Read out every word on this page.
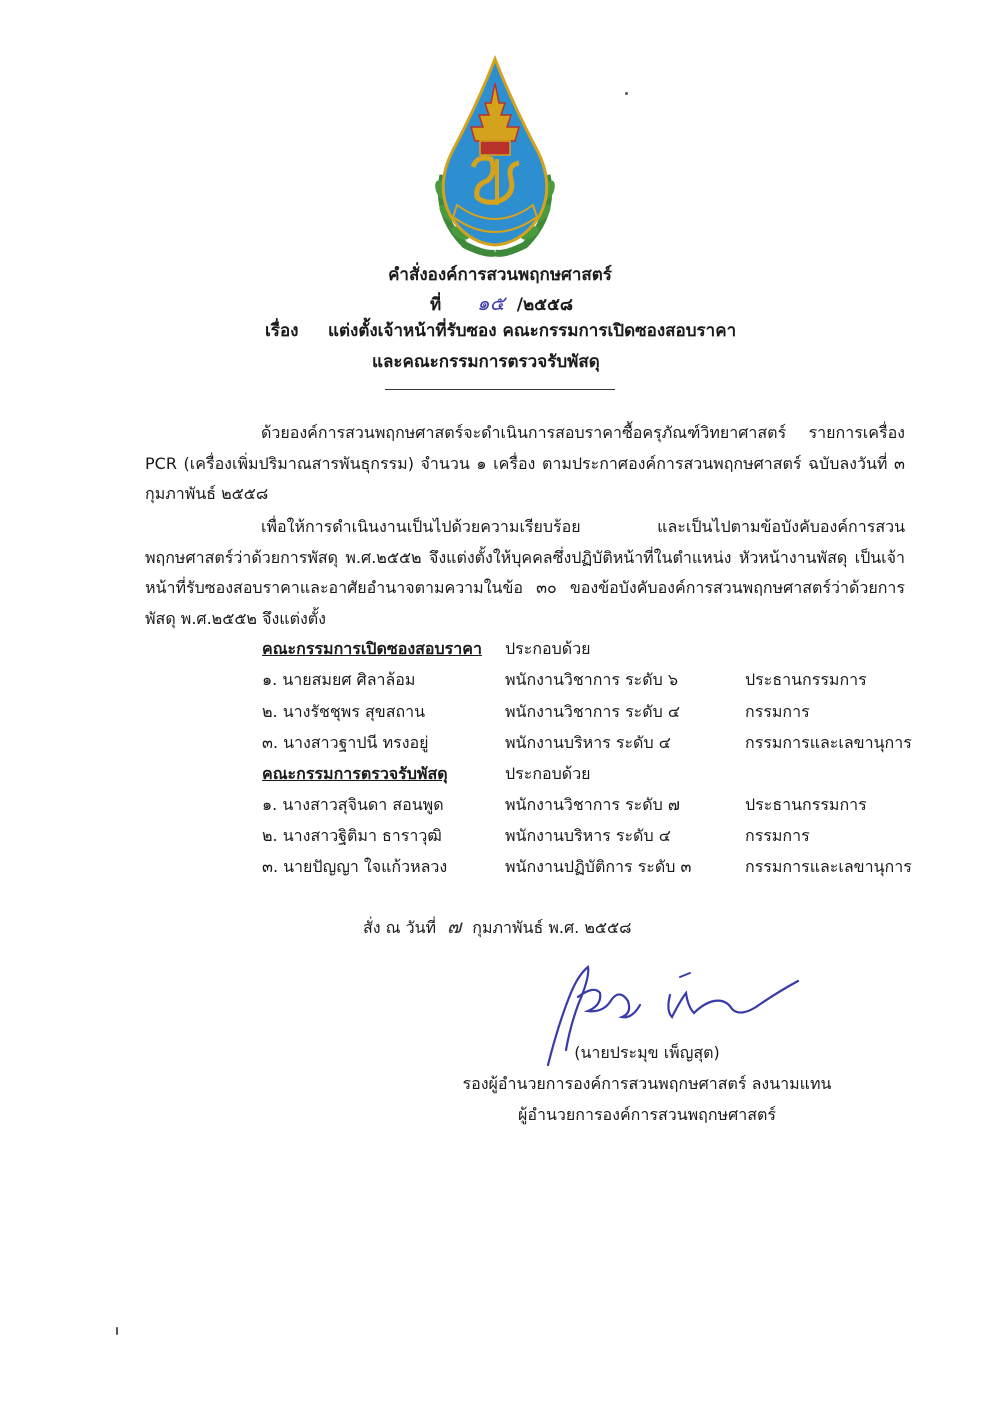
คำสั่งองค์การสวนพฤกษศาสตร์
ที่ ๑๕ /๒๕๕๘
เรื่อง แต่งตั้งเจ้าหน้าที่รับซอง คณะกรรมการเปิดซองสอบราคา
และคณะกรรมการตรวจรับพัสดุ
ด้วยองค์การสวนพฤกษศาสตร์จะดำเนินการสอบราคาซื้อครุภัณฑ์วิทยาศาสตร์ รายการเครื่อง PCR (เครื่องเพิ่มปริมาณสารพันธุกรรม) จำนวน ๑ เครื่อง ตามประกาศองค์การสวนพฤกษศาสตร์ ฉบับลงวันที่ ๓ กุมภาพันธ์ ๒๕๕๘
เพื่อให้การดำเนินงานเป็นไปด้วยความเรียบร้อย และเป็นไปตามข้อบังคับองค์การสวนพฤกษศาสตร์ว่าด้วยการพัสดุ พ.ศ.๒๕๕๒ จึงแต่งตั้งให้บุคคลซึ่งปฏิบัติหน้าที่ในตำแหน่ง หัวหน้างานพัสดุ เป็นเจ้าหน้าที่รับซองสอบราคาและอาศัยอำนาจตามความในข้อ ๓๐ ของข้อบังคับองค์การสวนพฤกษศาสตร์ว่าด้วยการพัสดุ พ.ศ.๒๕๕๒ จึงแต่งตั้ง
คณะกรรมการเปิดซองสอบราคา ประกอบด้วย
๑. นายสมยศ ศิลาล้อม	พนักงานวิชาการ ระดับ ๖	ประธานกรรมการ
๒. นางรัชชุพร สุขสถาน	พนักงานวิชาการ ระดับ ๔	กรรมการ
๓. นางสาวฐาปนี ทรงอยู่	พนักงานบริหาร ระดับ ๔	กรรมการและเลขานุการ
คณะกรรมการตรวจรับพัสดุ	ประกอบด้วย
๑. นางสาวสุจินดา สอนพูด	พนักงานวิชาการ ระดับ ๗	ประธานกรรมการ
๒. นางสาวฐิติมา ธาราวุฒิ	พนักงานบริหาร ระดับ ๔	กรรมการ
๓. นายปัญญา ใจแก้วหลวง	พนักงานปฏิบัติการ ระดับ ๓	กรรมการและเลขานุการ
สั่ง ณ วันที่ ๗ กุมภาพันธ์ พ.ศ. ๒๕๕๘
(นายประมุข เพ็ญสุต)
รองผู้อำนวยการองค์การสวนพฤกษศาสตร์ ลงนามแทน
ผู้อำนวยการองค์การสวนพฤกษศาสตร์
